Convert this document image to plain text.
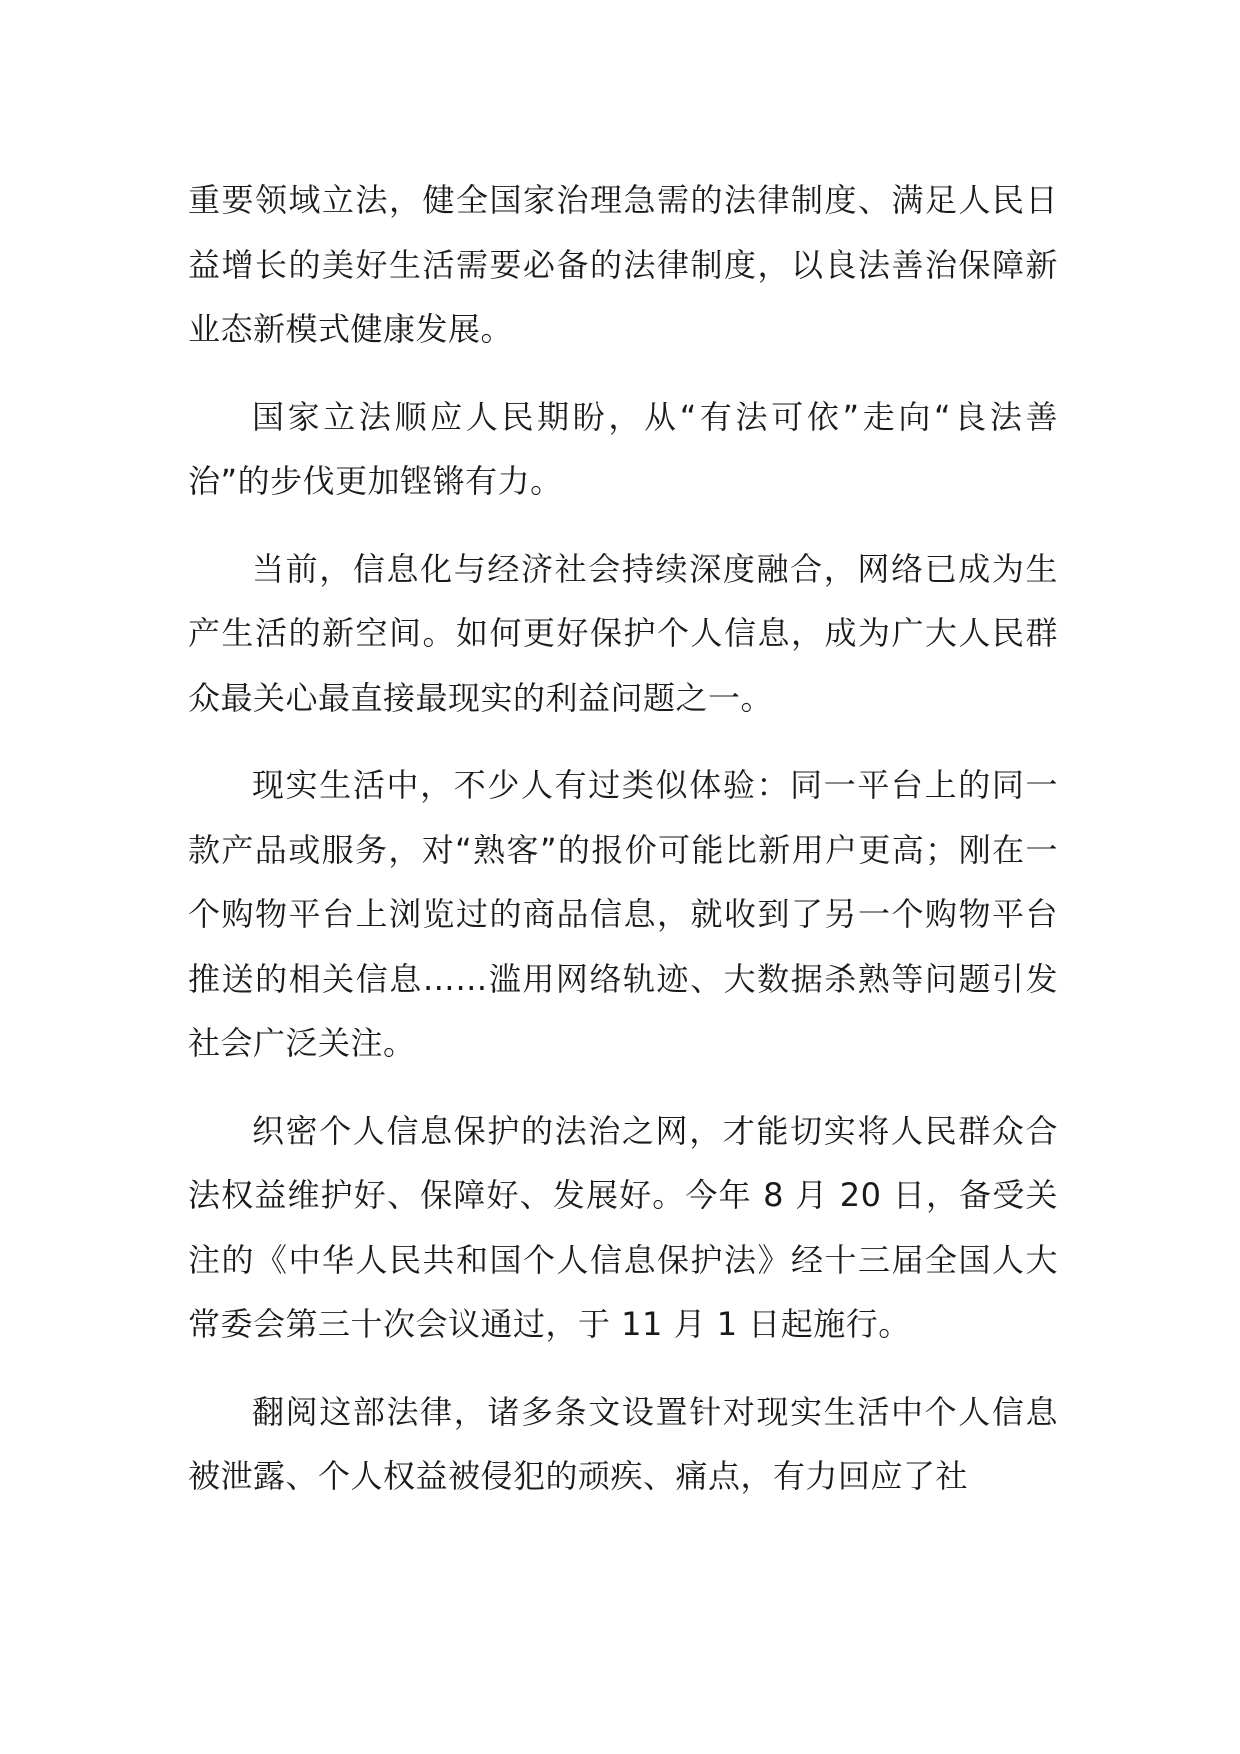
重要领域立法，健全国家治理急需的法律制度、满足人民日益增长的美好生活需要必备的法律制度，以良法善治保障新业态新模式健康发展。

国家立法顺应人民期盼，从“有法可依”走向“良法善治”的步伐更加铿锵有力。

当前，信息化与经济社会持续深度融合，网络已成为生产生活的新空间。如何更好保护个人信息，成为广大人民群众最关心最直接最现实的利益问题之一。

现实生活中，不少人有过类似体验：同一平台上的同一款产品或服务，对“熟客”的报价可能比新用户更高；刚在一个购物平台上浏览过的商品信息，就收到了另一个购物平台推送的相关信息……滥用网络轨迹、大数据杀熟等问题引发社会广泛关注。

织密个人信息保护的法治之网，才能切实将人民群众合法权益维护好、保障好、发展好。今年 8 月 20 日，备受关注的《中华人民共和国个人信息保护法》经十三届全国人大常委会第三十次会议通过，于 11 月 1 日起施行。

翻阅这部法律，诸多条文设置针对现实生活中个人信息被泄露、个人权益被侵犯的顽疾、痛点，有力回应了社
